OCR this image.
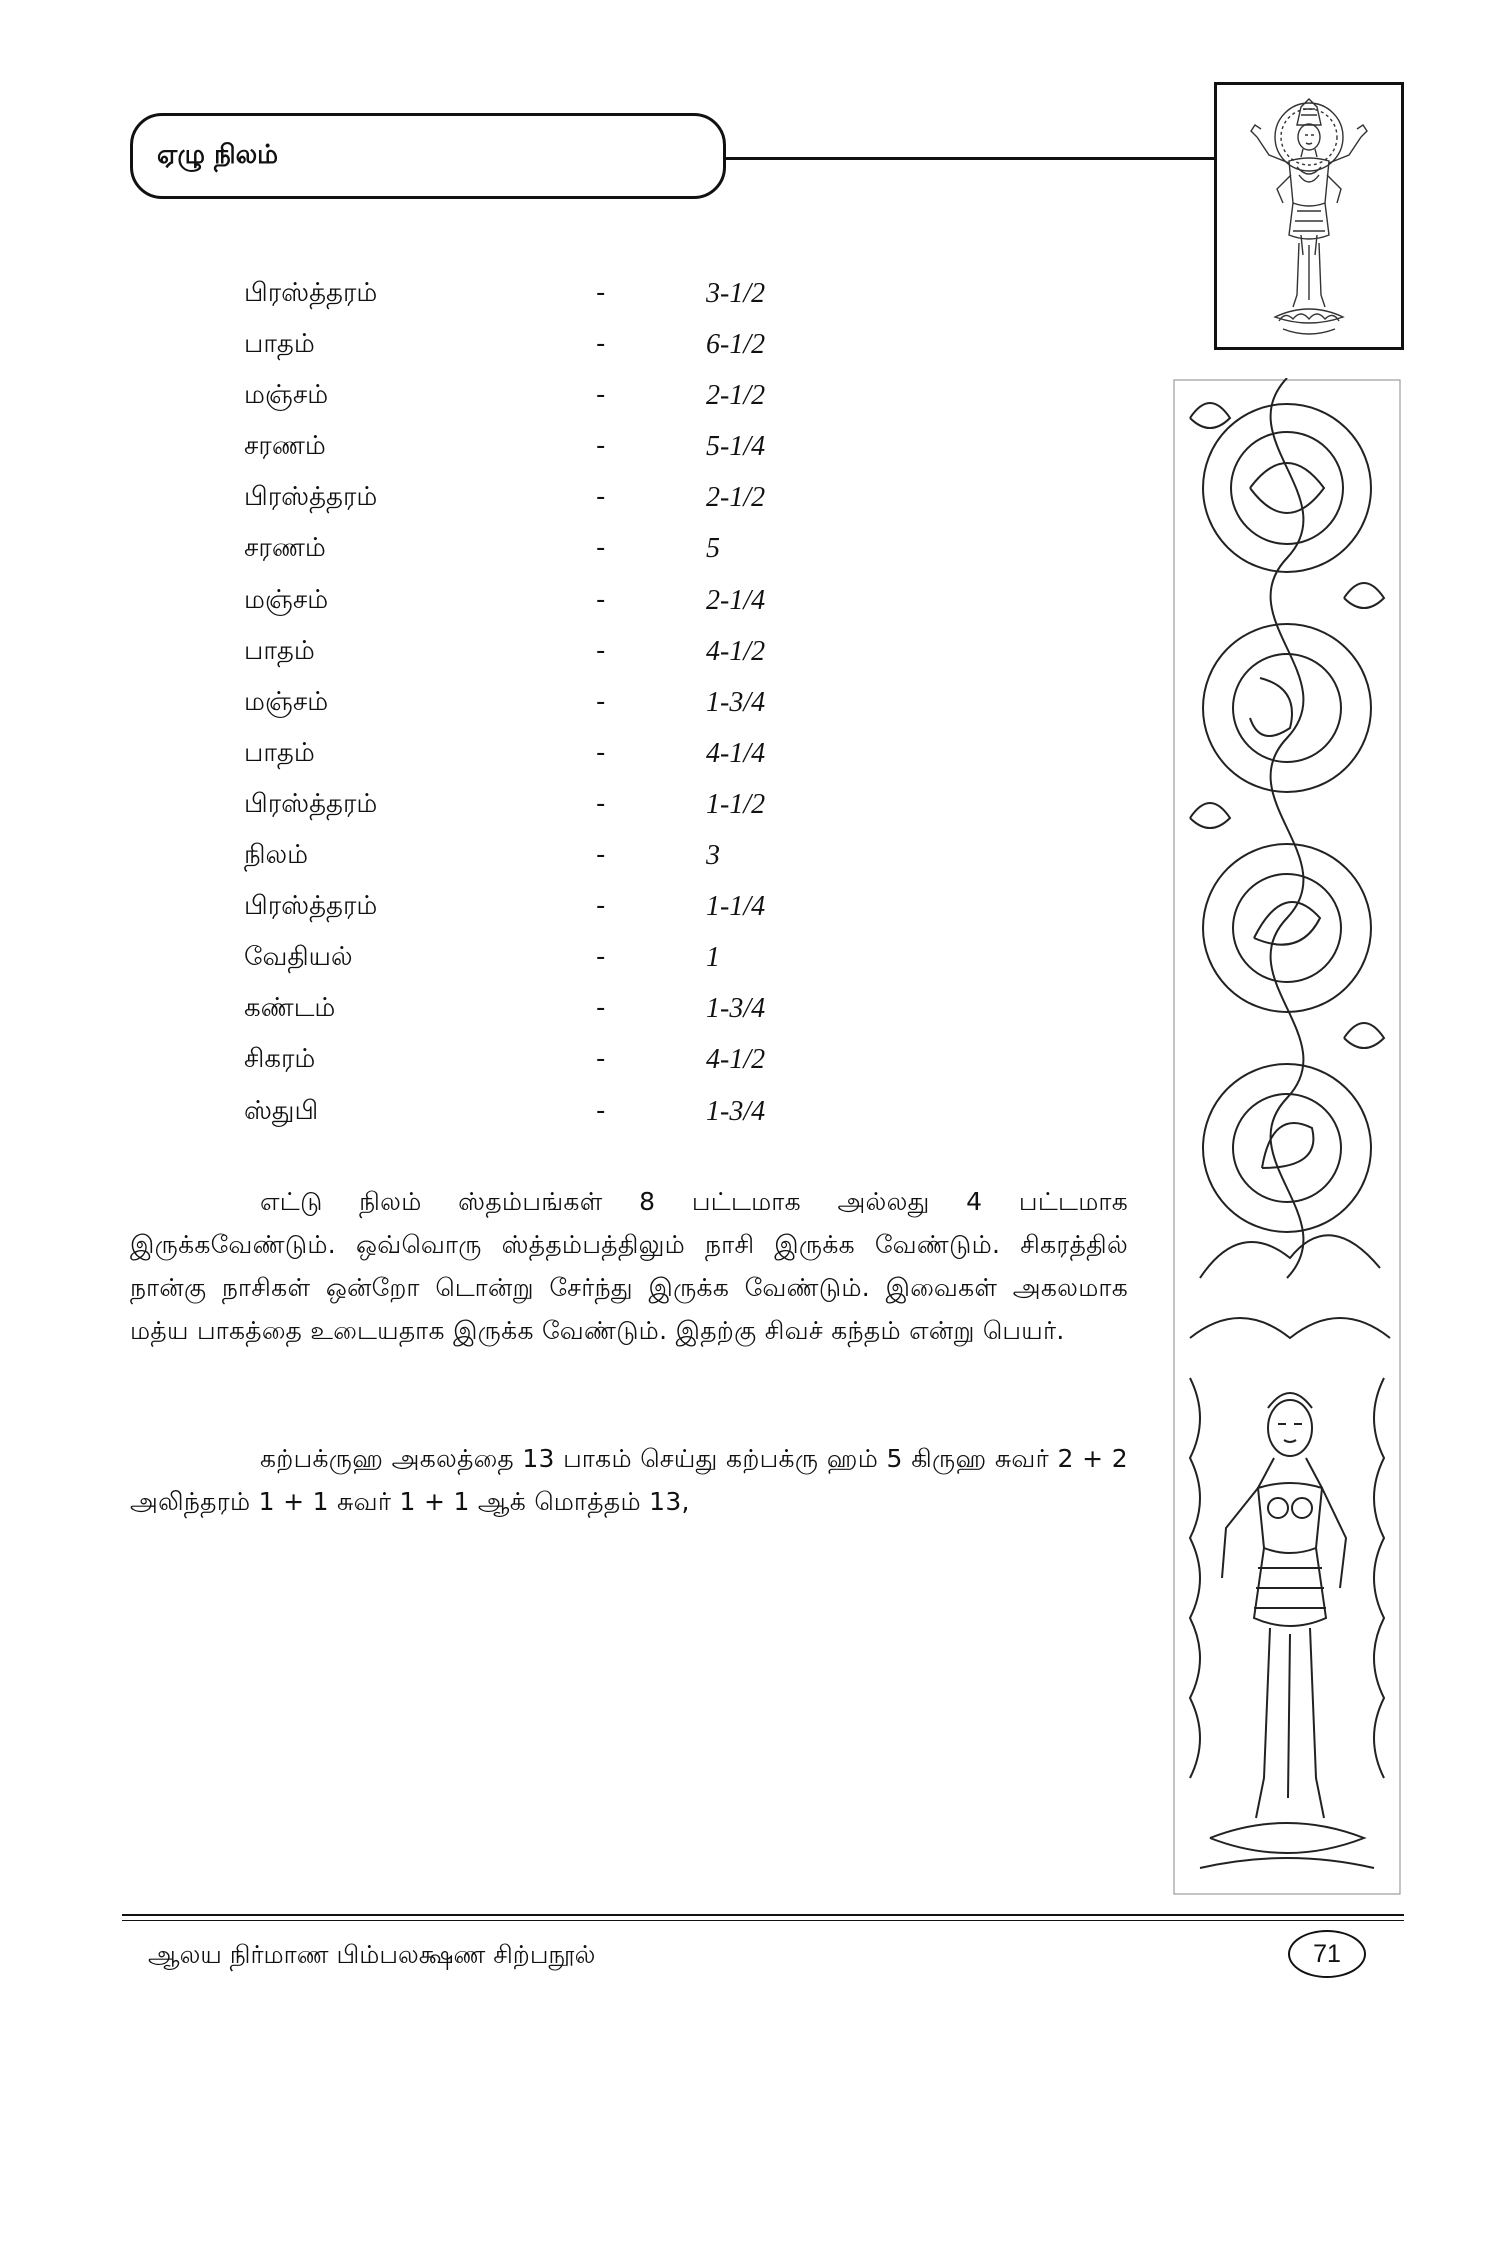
ஏழு நிலம்
பிரஸ்த்தரம்	-	3-1/2
பாதம்	-	6-1/2
மஞ்சம்	-	2-1/2
சரணம்	-	5-1/4
பிரஸ்த்தரம்	-	2-1/2
சரணம்	-	5
மஞ்சம்	-	2-1/4
பாதம்	-	4-1/2
மஞ்சம்	-	1-3/4
பாதம்	-	4-1/4
பிரஸ்த்தரம்	-	1-1/2
நிலம்	-	3
பிரஸ்த்தரம்	-	1-1/4
வேதியல்	-	1
கண்டம்	-	1-3/4
சிகரம்	-	4-1/2
ஸ்துபி	-	1-3/4

எட்டு நிலம் ஸ்தம்பங்கள் 8 பட்டமாக அல்லது 4 பட்டமாக இருக்கவேண்டும். ஒவ்வொரு ஸ்த்தம்பத்திலும் நாசி இருக்க வேண்டும். சிகரத்தில் நான்கு நாசிகள் ஒன்றோ டொன்று சேர்ந்து இருக்க வேண்டும். இவைகள் அகலமாக மத்ய பாகத்தை உடையதாக இருக்க வேண்டும். இதற்கு சிவச் கந்தம் என்று பெயர்.

கற்பக்ருஹ அகலத்தை 13 பாகம் செய்து கற்பக்ரு ஹம் 5 கிருஹ சுவர் 2 + 2 அலிந்தரம் 1 + 1 சுவர் 1 + 1 ஆக் மொத்தம் 13,

ஆலய நிர்மாண பிம்பலக்ஷண சிற்பநூல்	71
